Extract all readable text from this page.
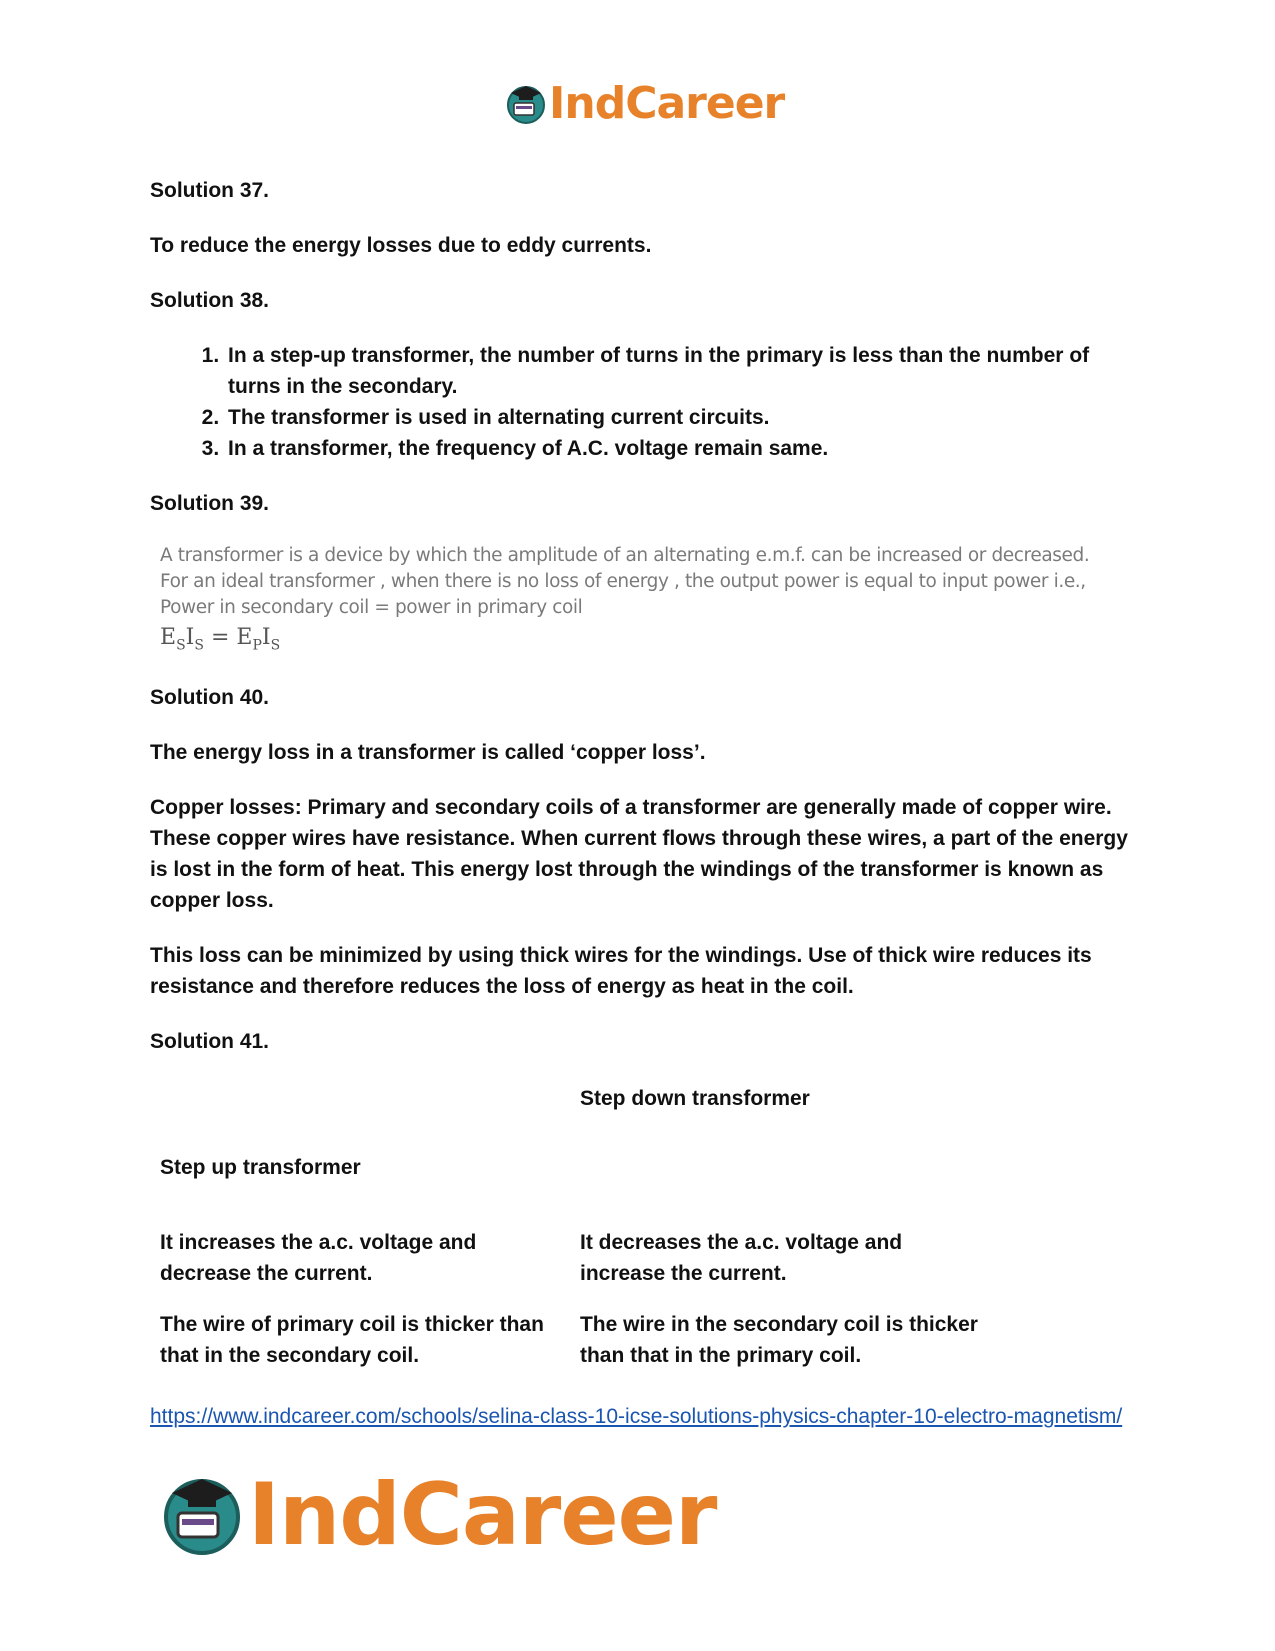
IndCareer

Solution 37.

To reduce the energy losses due to eddy currents.

Solution 38.

1. In a step-up transformer, the number of turns in the primary is less than the number of turns in the secondary.
2. The transformer is used in alternating current circuits.
3. In a transformer, the frequency of A.C. voltage remain same.

Solution 39.

A transformer is a device by which the amplitude of an alternating e.m.f. can be increased or decreased.
For an ideal transformer , when there is no loss of energy , the output power is equal to input power i.e.,
Power in secondary coil = power in primary coil
$E_SI_S = E_PI_S$

Solution 40.

The energy loss in a transformer is called ‘copper loss’.

Copper losses: Primary and secondary coils of a transformer are generally made of copper wire. These copper wires have resistance. When current flows through these wires, a part of the energy is lost in the form of heat. This energy lost through the windings of the transformer is known as copper loss.

This loss can be minimized by using thick wires for the windings. Use of thick wire reduces its resistance and therefore reduces the loss of energy as heat in the coil.

Solution 41.

Step up transformer	Step down transformer
It increases the a.c. voltage and decrease the current.	It decreases the a.c. voltage and increase the current.
The wire of primary coil is thicker than that in the secondary coil.	The wire in the secondary coil is thicker than that in the primary coil.
https://www.indcareer.com/schools/selina-class-10-icse-solutions-physics-chapter-10-electro-magnetism/
IndCareer
